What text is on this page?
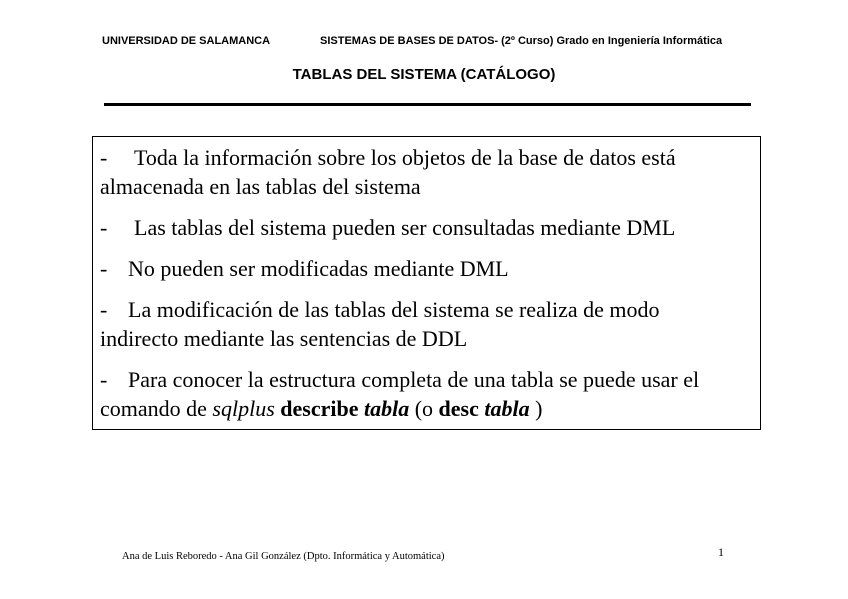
UNIVERSIDAD DE SALAMANCA	SISTEMAS DE BASES DE DATOS- (2º Curso) Grado en Ingeniería Informática
TABLAS DEL SISTEMA (CATÁLOGO)
- Toda la información sobre los objetos de la base de datos está
almacenada en las tablas del sistema
- Las tablas del sistema pueden ser consultadas mediante DML
- No pueden ser modificadas mediante DML
- La modificación de las tablas del sistema se realiza de modo
indirecto mediante las sentencias de DDL
- Para conocer la estructura completa de una tabla se puede usar el
comando de sqlplus describe tabla (o desc tabla )
Ana de Luis Reboredo - Ana Gil González (Dpto. Informática y Automática)	1
